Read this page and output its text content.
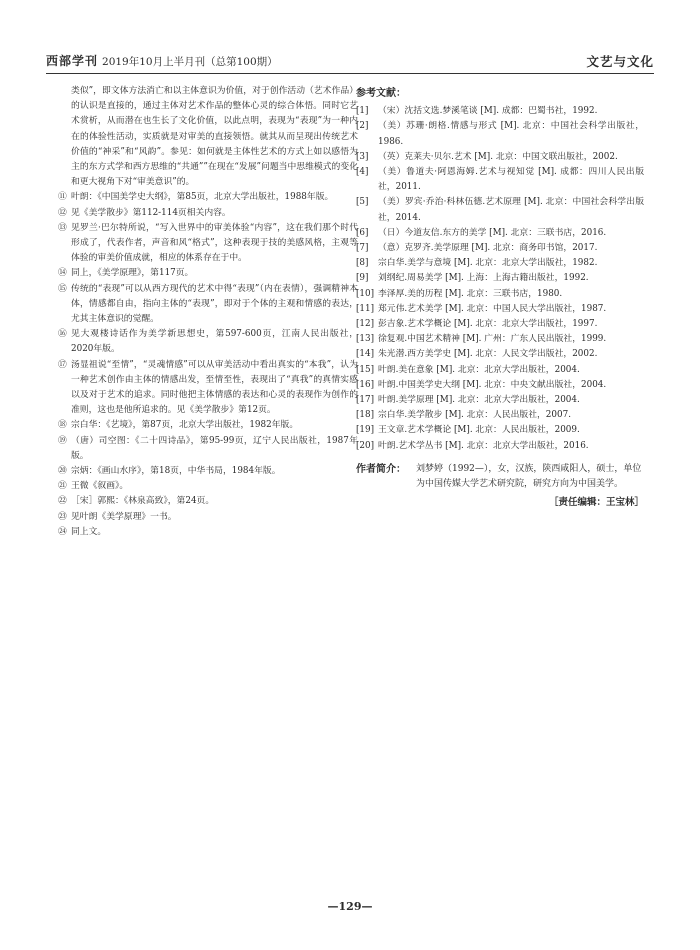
西部学刊 2019年10月上半月刊（总第100期）	文艺与文化
类似”，即文体方法消亡和以主体意识为价值，对于创作活动（艺术作品）的认识是直接的，通过主体对艺术作品的整体心灵的综合体悟。同时它艺术赏析，从而潜在也生长了文化价值，以此点明，表现为“表现”为一种内在的体验性活动，实质就是对审美的直接领悟。就其从而呈现出传统艺术价值的“神采”和“风韵”。参见：如何就是主体性艺术的方式上如以感悟为主的东方式学和西方思维的“共通””在现在“发展”问题当中思维模式的变化和更大视角下对“审美意识”的。
⑪ 叶朗：《中国美学史大纲》，第85页，北京大学出版社，1988年版。
⑫ 见《美学散步》第112-114页相关内容。
⑬ 见罗兰·巴尔特所说，“写入世界中的审美体验“内容”，这在我们那个时代形成了，代表作者，声音和风“格式”，这种表现于技的美感风格，主观等体验的审美价值成就，相应的体系存在于中。
⑭ 同上，《美学原理》，第117页。
⑮ 传统的“表现”可以从西方现代的艺术中得“表现”（内在表情），强调精神本体，情感都自由，指向主体的“表现”，即对于个体的主观和情感的表达，尤其主体意识的觉醒。
⑯ 见大观楼诗话作为美学新思想史，第597-600页，江南人民出版社，2020年版。
⑰ 汤显祖说“至情”，“灵魂情感”可以从审美活动中看出真实的“本我”，认为一种艺术创作由主体的情感出发，至情至性，表现出了“真我”的真情实感以及对于艺术的追求。同时他把主体情感的表达和心灵的表现作为创作的准则，这也是他所追求的。见《美学散步》第12页。
⑱ 宗白华：《艺境》，第87页，北京大学出版社，1982年版。
⑲ （唐）司空图：《二十四诗品》，第95-99页，辽宁人民出版社，1987年版。
⑳ 宗炳：《画山水序》，第18页，中华书局，1984年版。
㉑ 王微《叙画》。
㉒ ［宋］郭熙：《林泉高致》，第24页。
㉓ 见叶朗《美学原理》一书。
㉔ 同上文。
参考文献：
[1] （宋）沈括文选.梦溪笔谈 [M]. 成都：巴蜀书社，1992.
[2] （美）苏珊·朗格.情感与形式 [M]. 北京：中国社会科学出版社，1986.
[3] （英）克莱夫·贝尔.艺术 [M]. 北京：中国文联出版社，2002.
[4] （美）鲁道夫·阿恩海姆.艺术与视知觉 [M]. 成都：四川人民出版社，2011.
[5] （美）罗宾·乔治·科林伍德.艺术原理 [M]. 北京：中国社会科学出版社，2014.
[6] （日）今道友信.东方的美学 [M]. 北京：三联书店，2016.
[7] （意）克罗齐.美学原理 [M]. 北京：商务印书馆，2017.
[8] 宗白华.美学与意境 [M]. 北京：北京大学出版社，1982.
[9] 刘纲纪.周易美学 [M]. 上海：上海古籍出版社，1992.
[10] 李泽厚.美的历程 [M]. 北京：三联书店，1980.
[11] 郑元伟.艺术美学 [M]. 北京：中国人民大学出版社，1987.
[12] 彭吉象.艺术学概论 [M]. 北京：北京大学出版社，1997.
[13] 徐复观.中国艺术精神 [M]. 广州：广东人民出版社，1999.
[14] 朱光潜.西方美学史 [M]. 北京：人民文学出版社，2002.
[15] 叶朗.美在意象 [M]. 北京：北京大学出版社，2004.
[16] 叶朗.中国美学史大纲 [M]. 北京：中央文献出版社，2004.
[17] 叶朗.美学原理 [M]. 北京：北京大学出版社，2004.
[18] 宗白华.美学散步 [M]. 北京：人民出版社，2007.
[19] 王文章.艺术学概论 [M]. 北京：人民出版社，2009.
[20] 叶朗.艺术学丛书 [M]. 北京：北京大学出版社，2016.
作者简介： 刘梦婷（1992—），女，汉族，陕西咸阳人，硕士，单位为中国传媒大学艺术研究院，研究方向为中国美学。
［责任编辑：王宝林］
—129—
